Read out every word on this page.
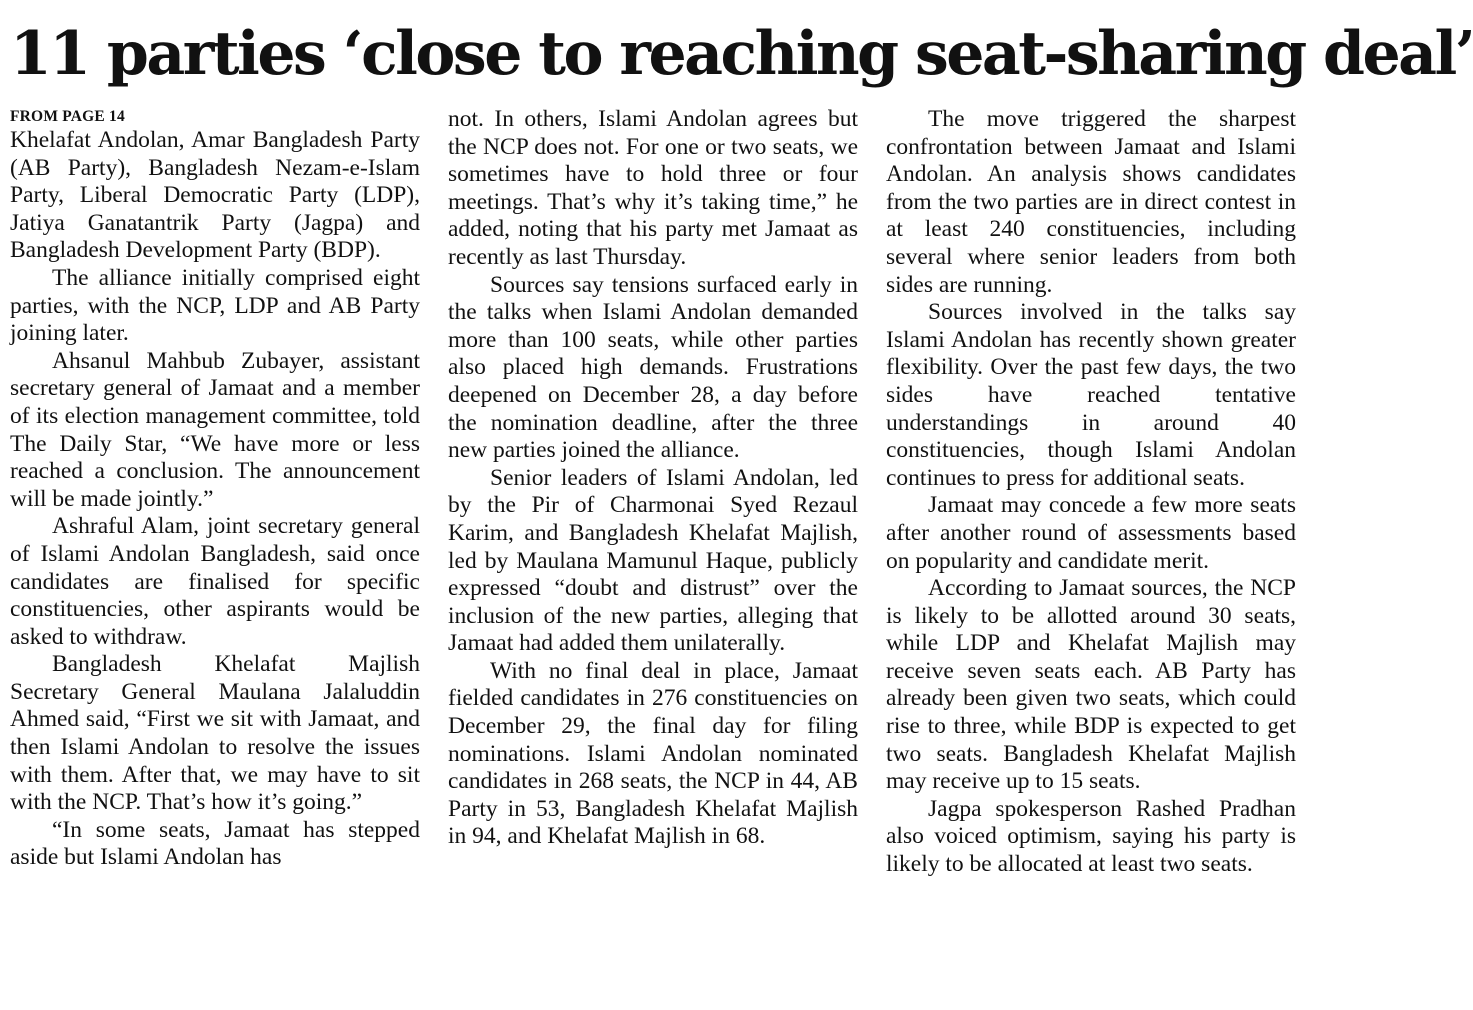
11 parties ‘close to reaching seat-sharing deal’
FROM PAGE 14

Khelafat Andolan, Amar Bangladesh Party (AB Party), Bangladesh Nezam-e-Islam Party, Liberal Democratic Party (LDP), Jatiya Ganatantrik Party (Jagpa) and Bangladesh Development Party (BDP).

The alliance initially comprised eight parties, with the NCP, LDP and AB Party joining later.

Ahsanul Mahbub Zubayer, assistant secretary general of Jamaat and a member of its election management committee, told The Daily Star, “We have more or less reached a conclusion. The announcement will be made jointly.”

Ashraful Alam, joint secretary general of Islami Andolan Bangladesh, said once candidates are finalised for specific constituencies, other aspirants would be asked to withdraw.

Bangladesh Khelafat Majlish Secretary General Maulana Jalaluddin Ahmed said, “First we sit with Jamaat, and then Islami Andolan to resolve the issues with them. After that, we may have to sit with the NCP. That’s how it’s going.”

“In some seats, Jamaat has stepped aside but Islami Andolan has

not. In others, Islami Andolan agrees but the NCP does not. For one or two seats, we sometimes have to hold three or four meetings. That’s why it’s taking time,” he added, noting that his party met Jamaat as recently as last Thursday.

Sources say tensions surfaced early in the talks when Islami Andolan demanded more than 100 seats, while other parties also placed high demands. Frustrations deepened on December 28, a day before the nomination deadline, after the three new parties joined the alliance.

Senior leaders of Islami Andolan, led by the Pir of Charmonai Syed Rezaul Karim, and Bangladesh Khelafat Majlish, led by Maulana Mamunul Haque, publicly expressed “doubt and distrust” over the inclusion of the new parties, alleging that Jamaat had added them unilaterally.

With no final deal in place, Jamaat fielded candidates in 276 constituencies on December 29, the final day for filing nominations. Islami Andolan nominated candidates in 268 seats, the NCP in 44, AB Party in 53, Bangladesh Khelafat Majlish in 94, and Khelafat Majlish in 68.

The move triggered the sharpest confrontation between Jamaat and Islami Andolan. An analysis shows candidates from the two parties are in direct contest in at least 240 constituencies, including several where senior leaders from both sides are running.

Sources involved in the talks say Islami Andolan has recently shown greater flexibility. Over the past few days, the two sides have reached tentative understandings in around 40 constituencies, though Islami Andolan continues to press for additional seats.

Jamaat may concede a few more seats after another round of assessments based on popularity and candidate merit.

According to Jamaat sources, the NCP is likely to be allotted around 30 seats, while LDP and Khelafat Majlish may receive seven seats each. AB Party has already been given two seats, which could rise to three, while BDP is expected to get two seats. Bangladesh Khelafat Majlish may receive up to 15 seats.

Jagpa spokesperson Rashed Pradhan also voiced optimism, saying his party is likely to be allocated at least two seats.
